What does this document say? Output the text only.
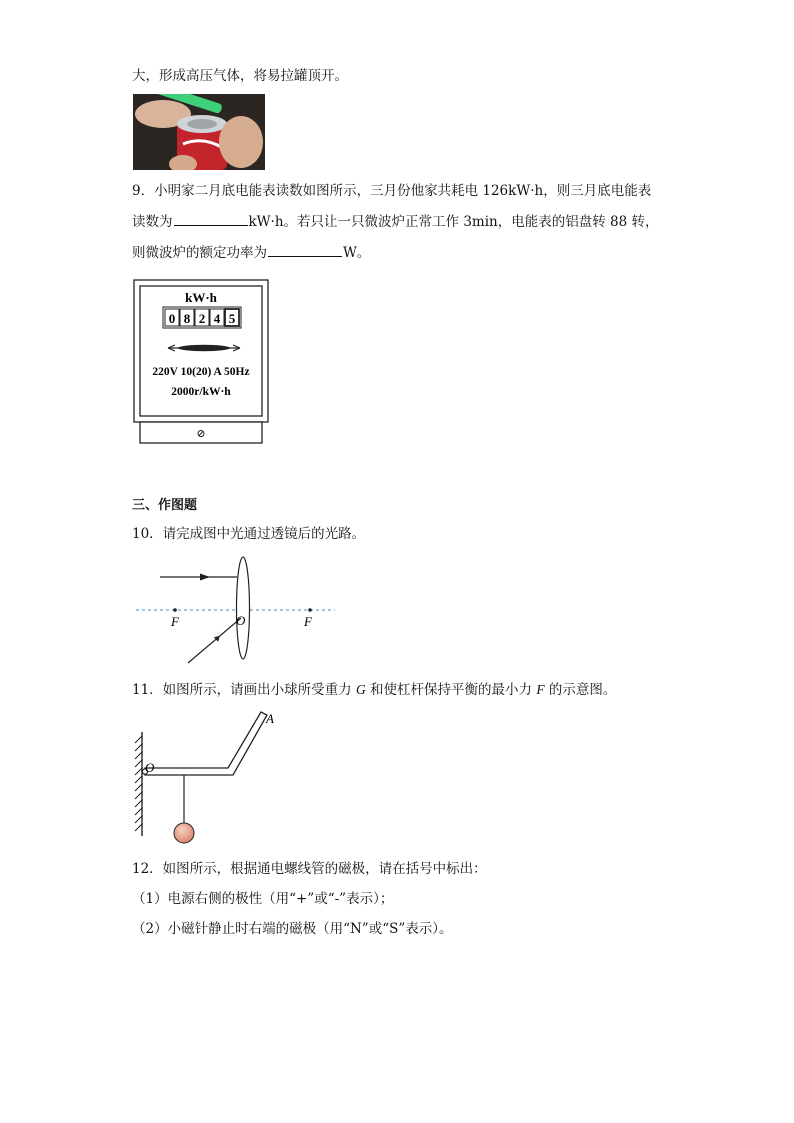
大，形成高压气体，将易拉罐顶开。
9．小明家二月底电能表读数如图所示，三月份他家共耗电 126kW·h，则三月底电能表
读数为	kW·h。若只让一只微波炉正常工作 3min，电能表的铝盘转 88 转，
则微波炉的额定功率为	W。
kW·h
0 8 2 4 5
220V 10(20) A 50Hz
2000r/kW·h
⊘
三、作图题
10．请完成图中光通过透镜后的光路。
F	O	F
11．如图所示，请画出小球所受重力 G 和使杠杆保持平衡的最小力 F 的示意图。
A
O
12．如图所示，根据通电螺线管的磁极，请在括号中标出：
（1）电源右侧的极性（用“+”或“-”表示）；
（2）小磁针静止时右端的磁极（用“N”或“S”表示）。
